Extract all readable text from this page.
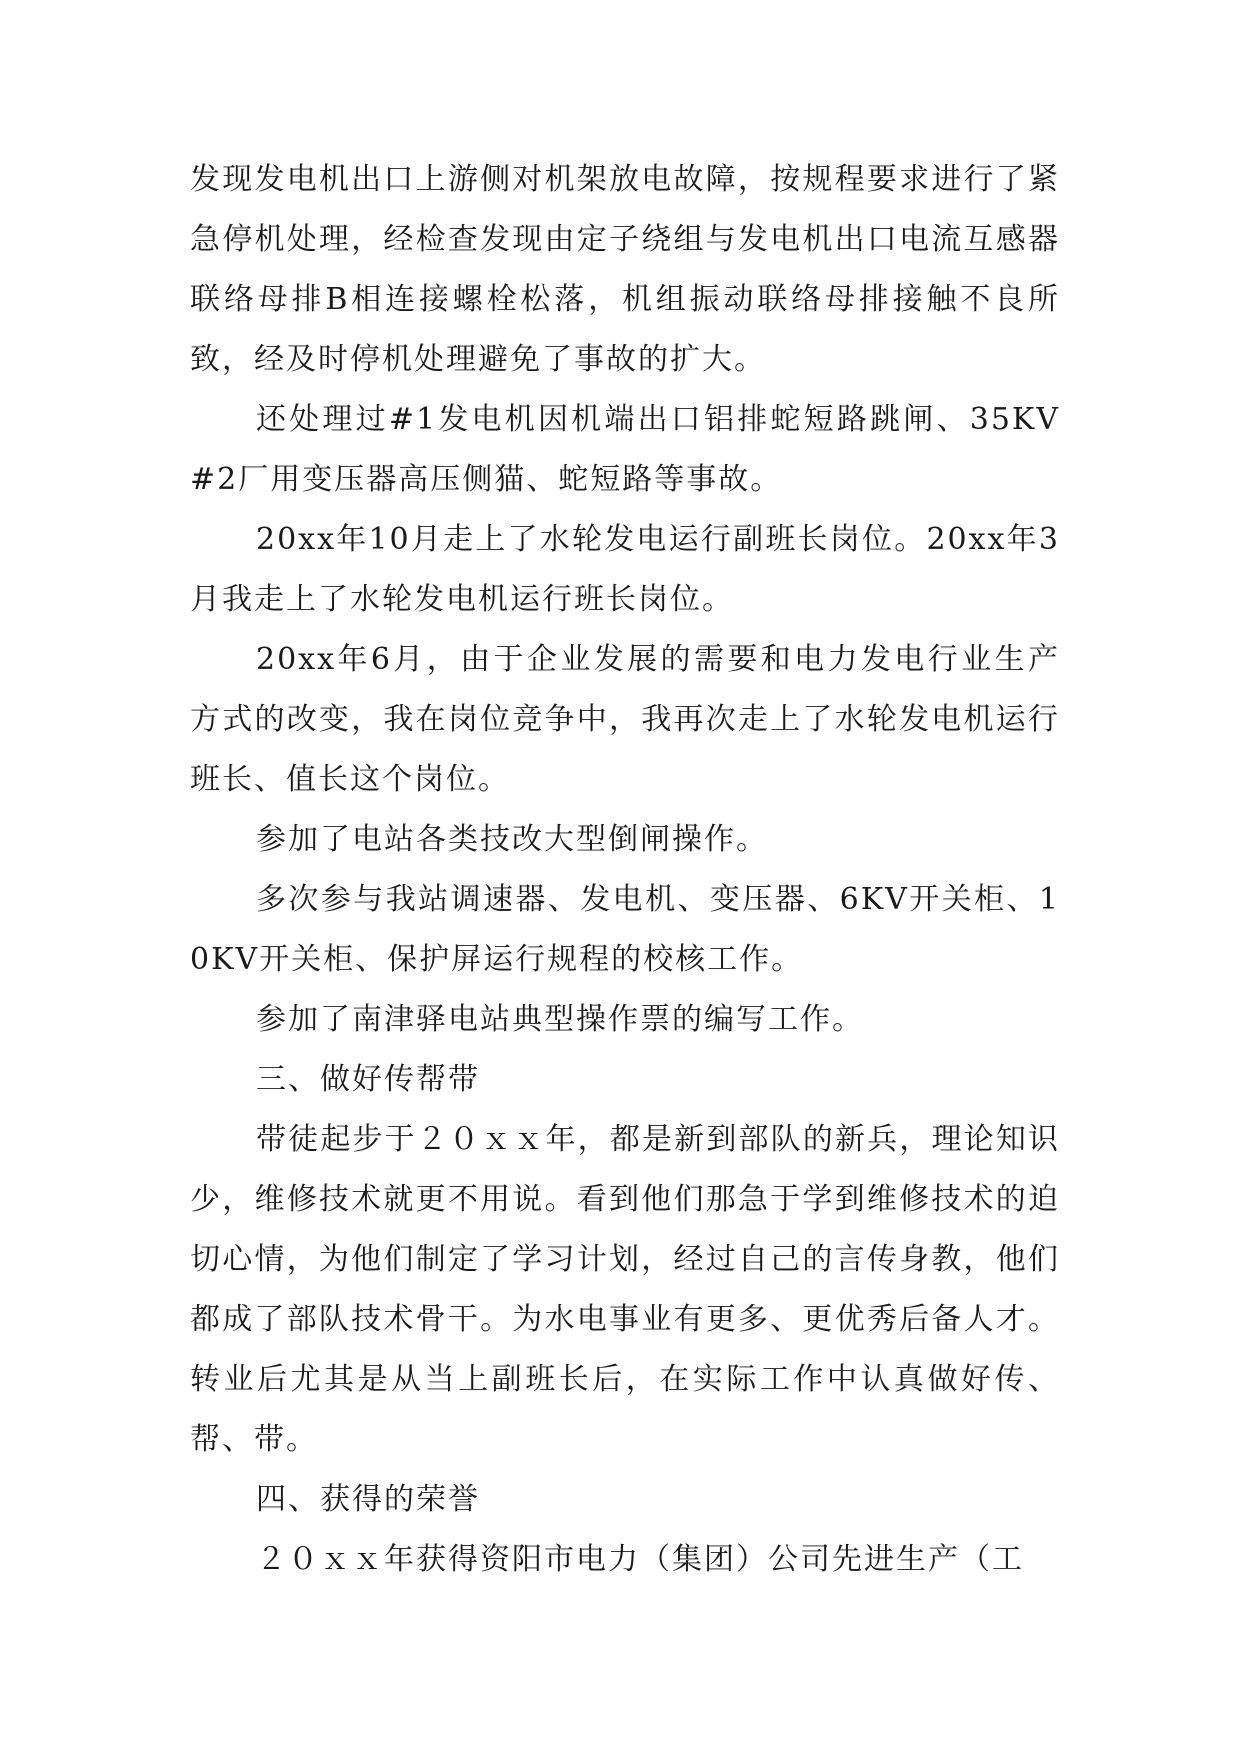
发现发电机出口上游侧对机架放电故障，按规程要求进行了紧急停机处理，经检查发现由定子绕组与发电机出口电流互感器联络母排B相连接螺栓松落，机组振动联络母排接触不良所致，经及时停机处理避免了事故的扩大。

还处理过#1发电机因机端出口铝排蛇短路跳闸、35KV#2厂用变压器高压侧猫、蛇短路等事故。

20xx年10月走上了水轮发电运行副班长岗位。20xx年3月我走上了水轮发电机运行班长岗位。

20xx年6月，由于企业发展的需要和电力发电行业生产方式的改变，我在岗位竞争中，我再次走上了水轮发电机运行班长、值长这个岗位。

参加了电站各类技改大型倒闸操作。

多次参与我站调速器、发电机、变压器、6KV开关柜、10KV开关柜、保护屏运行规程的校核工作。

参加了南津驿电站典型操作票的编写工作。

三、做好传帮带

带徒起步于２０ｘｘ年，都是新到部队的新兵，理论知识少，维修技术就更不用说。看到他们那急于学到维修技术的迫切心情，为他们制定了学习计划，经过自己的言传身教，他们都成了部队技术骨干。为水电事业有更多、更优秀后备人才。转业后尤其是从当上副班长后，在实际工作中认真做好传、帮、带。

四、获得的荣誉

２０ｘｘ年获得资阳市电力（集团）公司先进生产（工
